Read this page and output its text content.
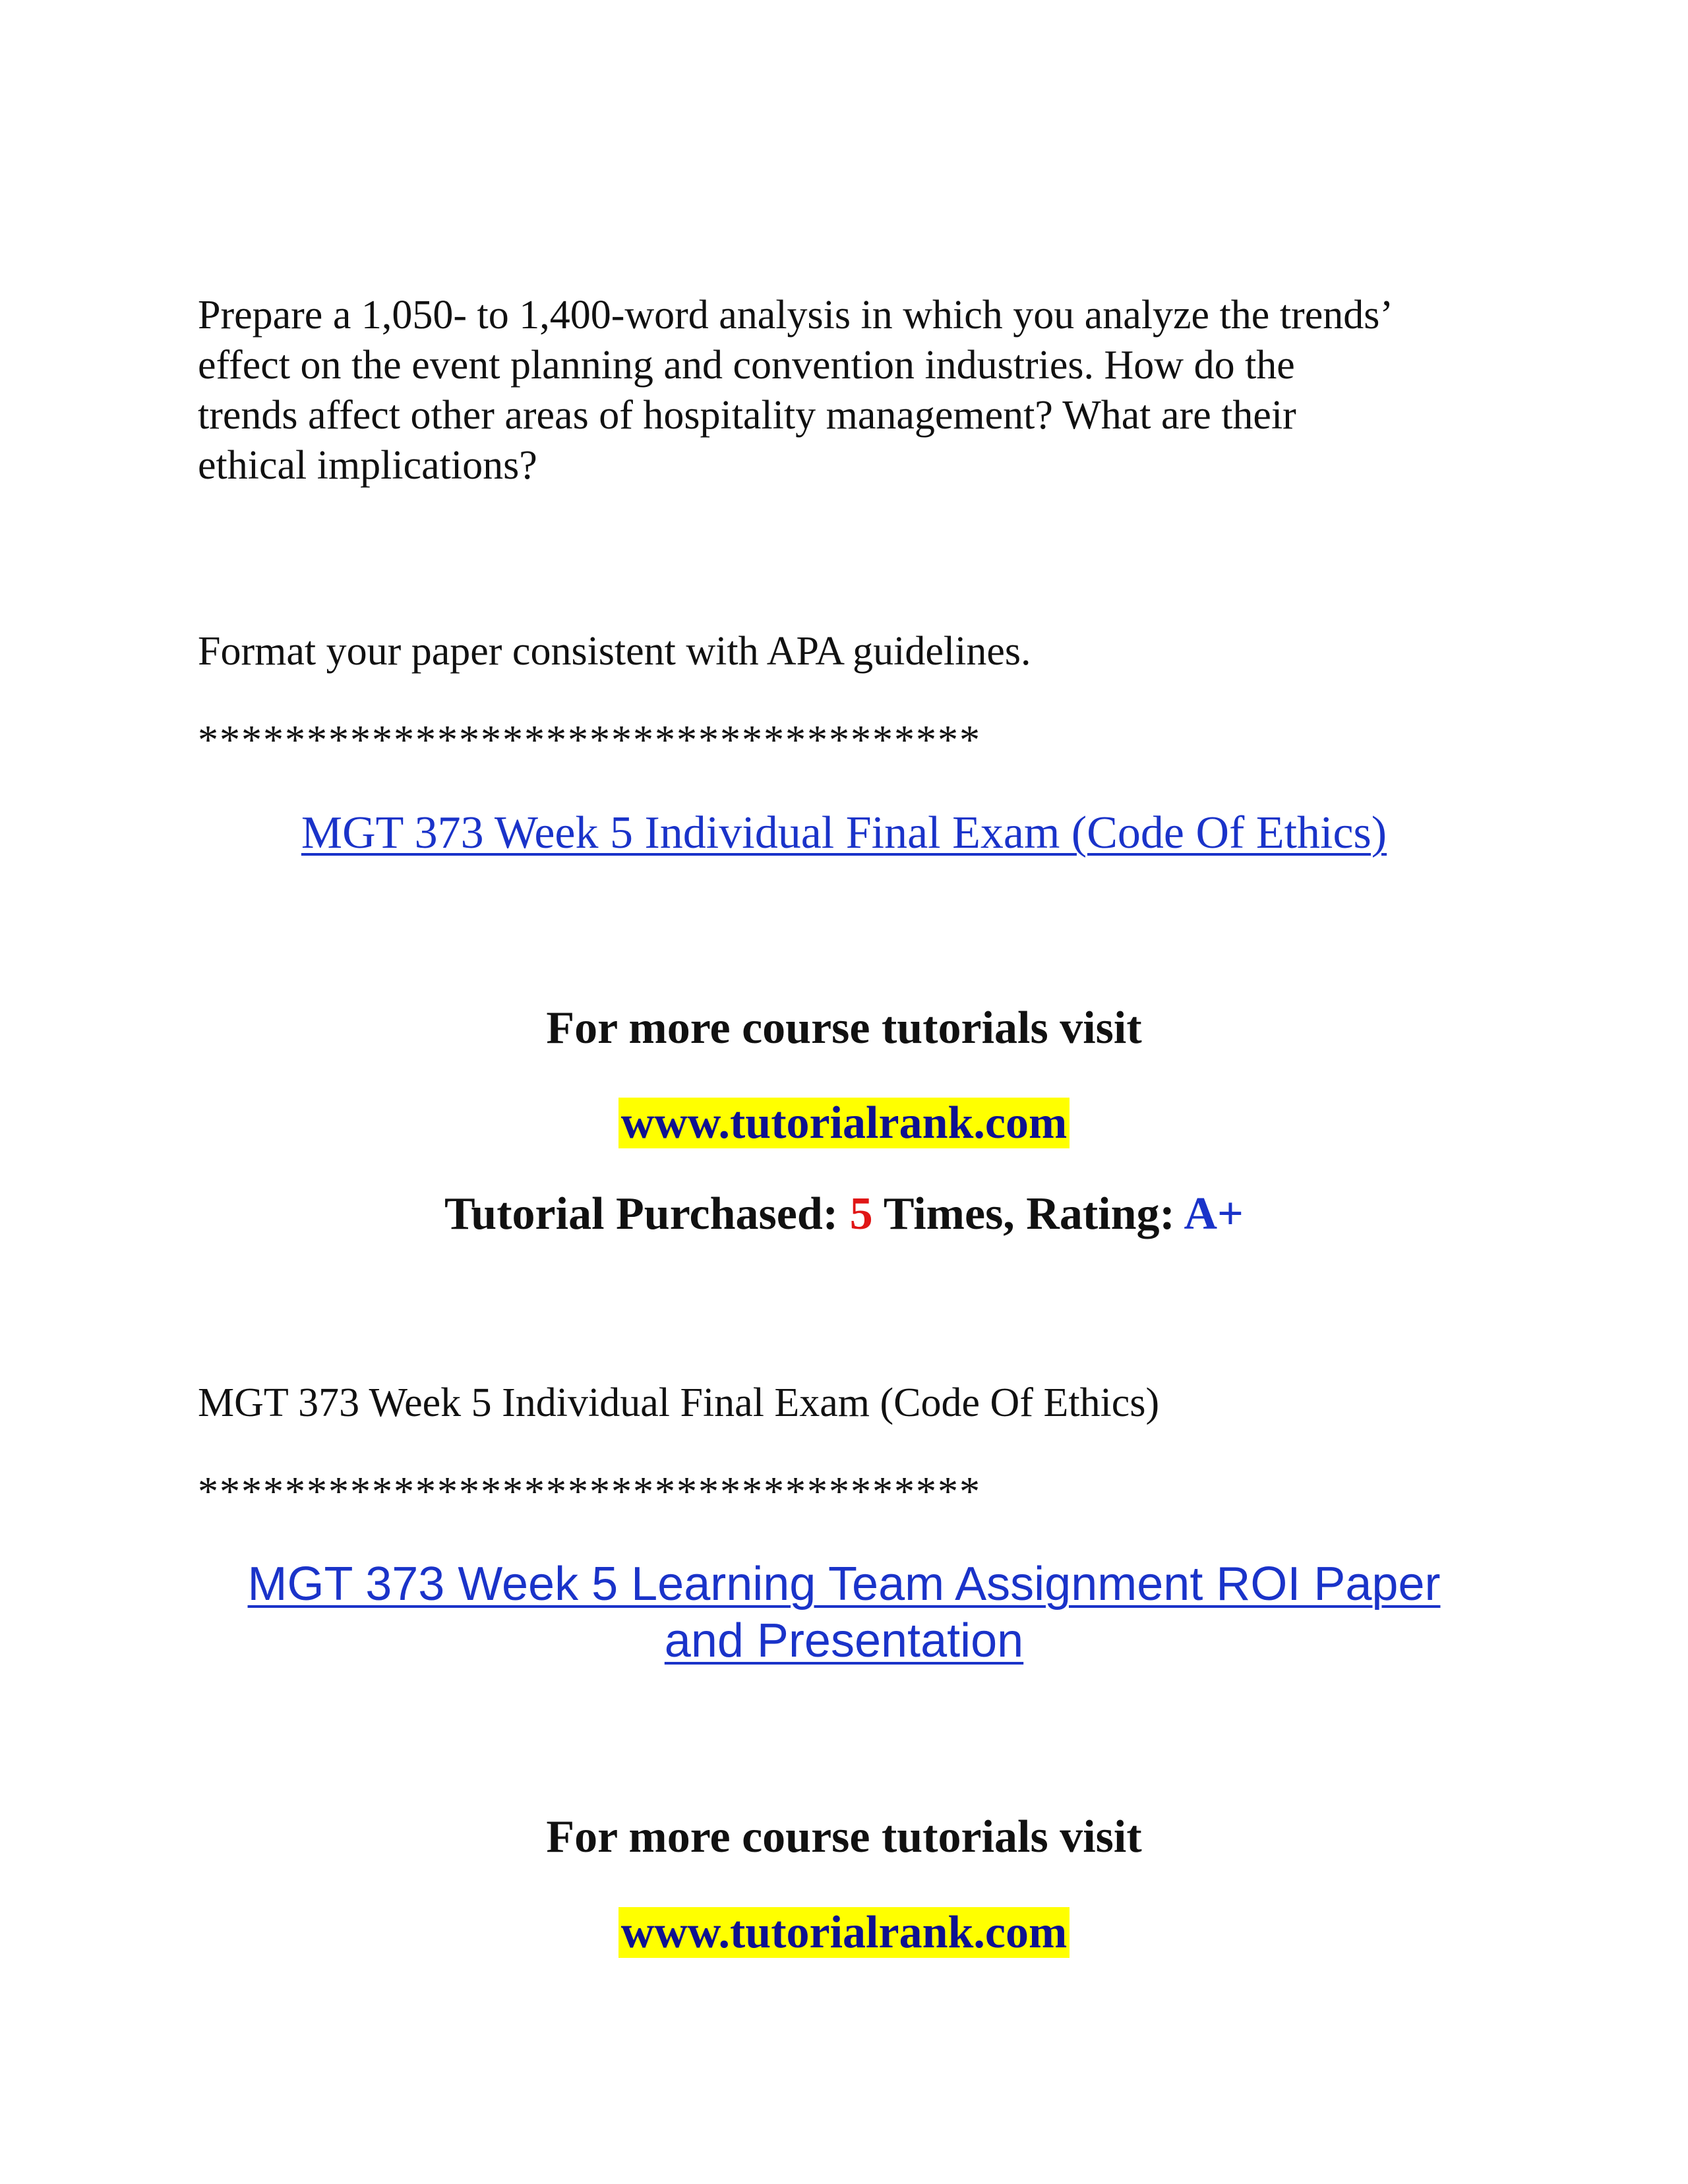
Prepare a 1,050- to 1,400-word analysis in which you analyze the trends’
effect on the event planning and convention industries. How do the
trends affect other areas of hospitality management? What are their
ethical implications?
Format your paper consistent with APA guidelines.
************************************
MGT 373 Week 5 Individual Final Exam (Code Of Ethics)
For more course tutorials visit
www.tutorialrank.com
Tutorial Purchased: 5 Times, Rating: A+
MGT 373 Week 5 Individual Final Exam (Code Of Ethics)
************************************
MGT 373 Week 5 Learning Team Assignment ROI Paper
and Presentation
For more course tutorials visit
www.tutorialrank.com
